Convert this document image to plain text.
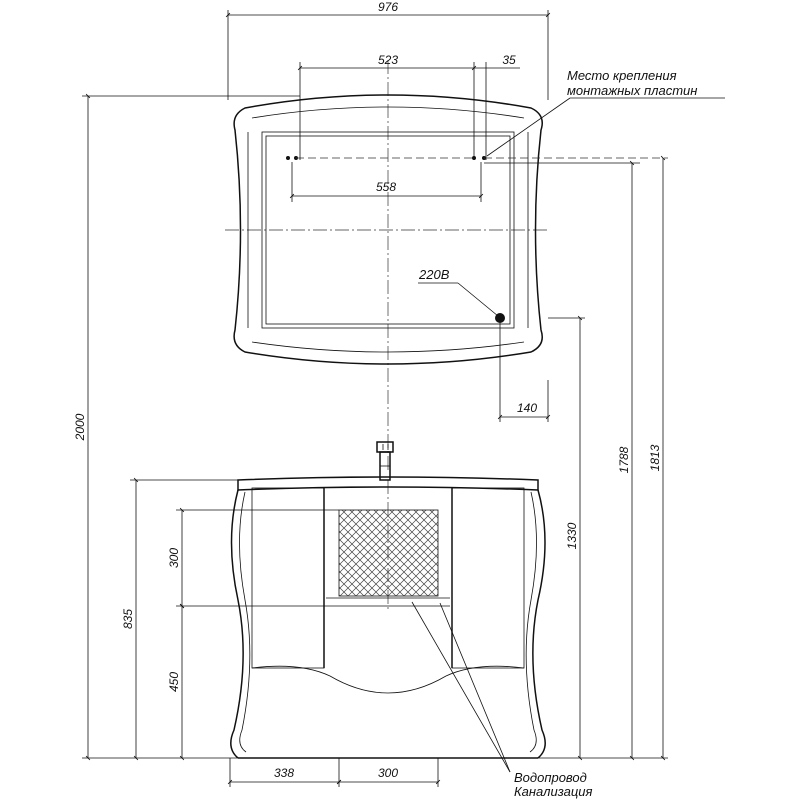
976
523	35
558
Место крепления
монтажных пластин
220В
140
2000
1813
1788
1330
Водопровод
Канализация
835
300
450
338	300
